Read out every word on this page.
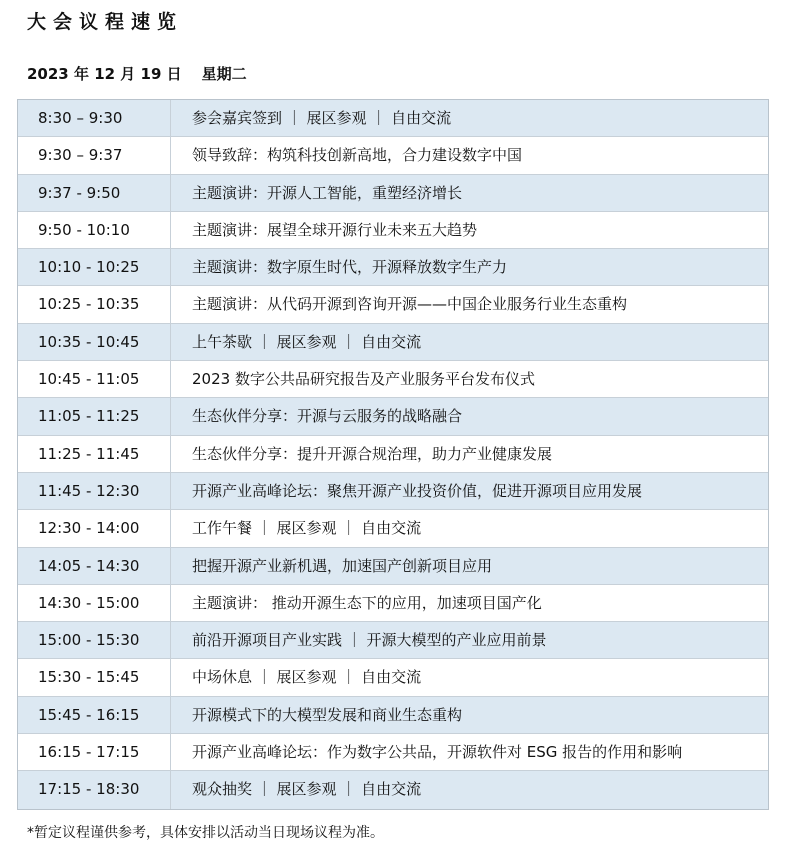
大会议程速览
2023 年 12 月 19 日 星期二
8:30 – 9:30	参会嘉宾签到 ｜ 展区参观 ｜ 自由交流
9:30 – 9:37	领导致辞：构筑科技创新高地，合力建设数字中国
9:37 - 9:50	主题演讲：开源人工智能，重塑经济增长
9:50 - 10:10	主题演讲：展望全球开源行业未来五大趋势
10:10 - 10:25	主题演讲：数字原生时代，开源释放数字生产力
10:25 - 10:35	主题演讲：从代码开源到咨询开源——中国企业服务行业生态重构
10:35 - 10:45	上午茶歇 ｜ 展区参观 ｜ 自由交流
10:45 - 11:05	2023 数字公共品研究报告及产业服务平台发布仪式
11:05 - 11:25	生态伙伴分享：开源与云服务的战略融合
11:25 - 11:45	生态伙伴分享：提升开源合规治理，助力产业健康发展
11:45 - 12:30	开源产业高峰论坛：聚焦开源产业投资价值，促进开源项目应用发展
12:30 - 14:00	工作午餐 ｜ 展区参观 ｜ 自由交流
14:05 - 14:30	把握开源产业新机遇，加速国产创新项目应用
14:30 - 15:00	主题演讲： 推动开源生态下的应用，加速项目国产化
15:00 - 15:30	前沿开源项目产业实践 ｜ 开源大模型的产业应用前景
15:30 - 15:45	中场休息 ｜ 展区参观 ｜ 自由交流
15:45 - 16:15	开源模式下的大模型发展和商业生态重构
16:15 - 17:15	开源产业高峰论坛：作为数字公共品，开源软件对 ESG 报告的作用和影响
17:15 - 18:30	观众抽奖 ｜ 展区参观 ｜ 自由交流
*暂定议程谨供参考，具体安排以活动当日现场议程为准。
